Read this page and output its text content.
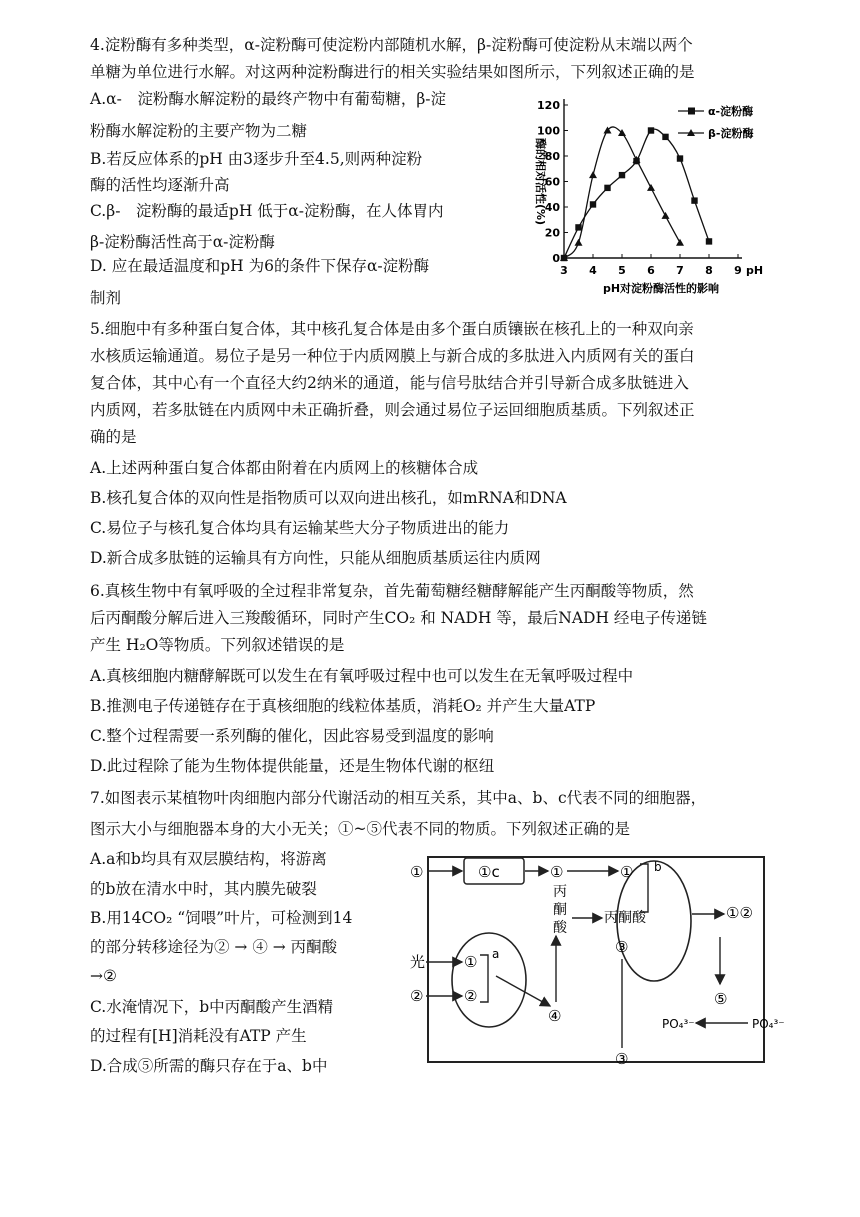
4.淀粉酶有多种类型，α-淀粉酶可使淀粉内部随机水解，β-淀粉酶可使淀粉从末端以两个
单糖为单位进行水解。对这两种淀粉酶进行的相关实验结果如图所示，下列叙述正确的是
A.α-　淀粉酶水解淀粉的最终产物中有葡萄糖，β-淀
粉酶水解淀粉的主要产物为二糖
B.若反应体系的pH 由3逐步升至4.5,则两种淀粉
酶的活性均逐渐升高
C.β-　淀粉酶的最适pH 低于α-淀粉酶，在人体胃内
β-淀粉酶活性高于α-淀粉酶
D. 应在最适温度和pH 为6的条件下保存α-淀粉酶
制剂
0
20
40
60
80
100
120
3 4 5 6 7 8 9 pH
酶的相对活性(%)
pH对淀粉酶活性的影响
α-淀粉酶
β-淀粉酶
5.细胞中有多种蛋白复合体，其中核孔复合体是由多个蛋白质镶嵌在核孔上的一种双向亲
水核质运输通道。易位子是另一种位于内质网膜上与新合成的多肽进入内质网有关的蛋白
复合体，其中心有一个直径大约2纳米的通道，能与信号肽结合并引导新合成多肽链进入
内质网，若多肽链在内质网中未正确折叠，则会通过易位子运回细胞质基质。下列叙述正
确的是
A.上述两种蛋白复合体都由附着在内质网上的核糖体合成
B.核孔复合体的双向性是指物质可以双向进出核孔，如mRNA和DNA
C.易位子与核孔复合体均具有运输某些大分子物质进出的能力
D.新合成多肽链的运输具有方向性，只能从细胞质基质运往内质网
6.真核生物中有氧呼吸的全过程非常复杂，首先葡萄糖经糖酵解能产生丙酮酸等物质，然
后丙酮酸分解后进入三羧酸循环，同时产生CO₂ 和 NADH 等，最后NADH 经电子传递链
产生 H₂O等物质。下列叙述错误的是
A.真核细胞内糖酵解既可以发生在有氧呼吸过程中也可以发生在无氧呼吸过程中
B.推测电子传递链存在于真核细胞的线粒体基质，消耗O₂ 并产生大量ATP
C.整个过程需要一系列酶的催化，因此容易受到温度的影响
D.此过程除了能为生物体提供能量，还是生物体代谢的枢纽
7.如图表示某植物叶肉细胞内部分代谢活动的相互关系，其中a、b、c代表不同的细胞器，
图示大小与细胞器本身的大小无关；①~⑤代表不同的物质。下列叙述正确的是
A.a和b均具有双层膜结构，将游离
的b放在清水中时，其内膜先破裂
B.用14CO₂ “饲喂”叶片，可检测到14
的部分转移途径为② → ④ → 丙酮酸
→②
C.水淹情况下，b中丙酮酸产生酒精
的过程有[H]消耗没有ATP 产生
D.合成⑤所需的酶只存在于a、b中
①c
①	①
丙
酮
酸
① b
丙酮酸
③
①②
光	① a
②	②
④
⑤
PO₄³⁻	PO₄³⁻
③
